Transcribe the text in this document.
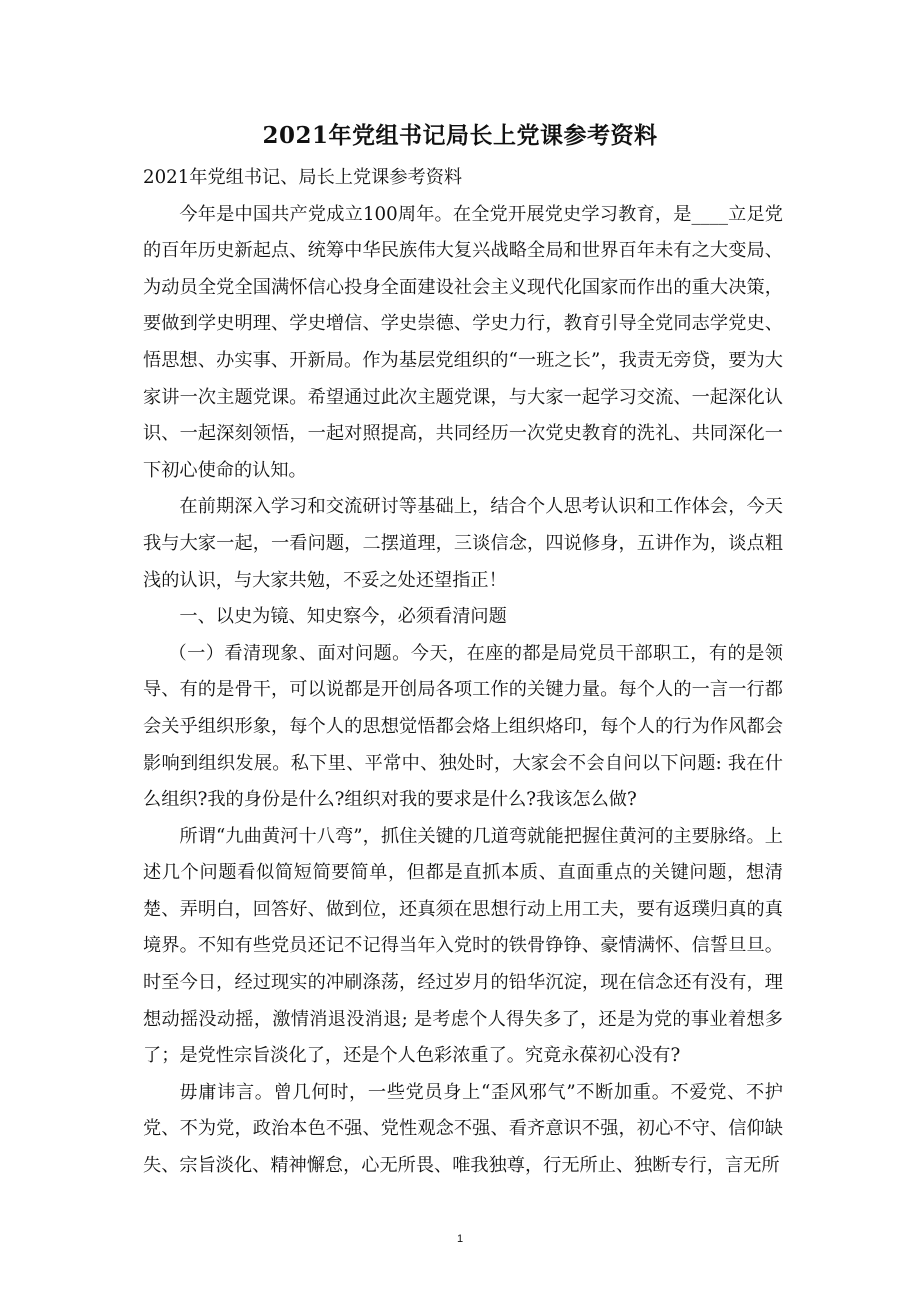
2021年党组书记局长上党课参考资料

2021年党组书记、局长上党课参考资料

今年是中国共产党成立100周年。在全党开展党史学习教育，是____立足党的百年历史新起点、统筹中华民族伟大复兴战略全局和世界百年未有之大变局、为动员全党全国满怀信心投身全面建设社会主义现代化国家而作出的重大决策，要做到学史明理、学史增信、学史崇德、学史力行，教育引导全党同志学党史、悟思想、办实事、开新局。作为基层党组织的“一班之长”，我责无旁贷，要为大家讲一次主题党课。希望通过此次主题党课，与大家一起学习交流、一起深化认识、一起深刻领悟，一起对照提高，共同经历一次党史教育的洗礼、共同深化一下初心使命的认知。

在前期深入学习和交流研讨等基础上，结合个人思考认识和工作体会，今天我与大家一起，一看问题，二摆道理，三谈信念，四说修身，五讲作为，谈点粗浅的认识，与大家共勉，不妥之处还望指正！

一、以史为镜、知史察今，必须看清问题

（一）看清现象、面对问题。今天，在座的都是局党员干部职工，有的是领导、有的是骨干，可以说都是开创局各项工作的关键力量。每个人的一言一行都会关乎组织形象，每个人的思想觉悟都会烙上组织烙印，每个人的行为作风都会影响到组织发展。私下里、平常中、独处时，大家会不会自问以下问题: 我在什么组织?我的身份是什么?组织对我的要求是什么?我该怎么做?

所谓“九曲黄河十八弯”，抓住关键的几道弯就能把握住黄河的主要脉络。上述几个问题看似简短简要简单，但都是直抓本质、直面重点的关键问题，想清楚、弄明白，回答好、做到位，还真须在思想行动上用工夫，要有返璞归真的真境界。不知有些党员还记不记得当年入党时的铁骨铮铮、豪情满怀、信誓旦旦。时至今日，经过现实的冲刷涤荡，经过岁月的铅华沉淀，现在信念还有没有，理想动摇没动摇，激情消退没消退; 是考虑个人得失多了，还是为党的事业着想多了；是党性宗旨淡化了，还是个人色彩浓重了。究竟永葆初心没有?

毋庸讳言。曾几何时，一些党员身上“歪风邪气”不断加重。不爱党、不护党、不为党，政治本色不强、党性观念不强、看齐意识不强，初心不守、信仰缺失、宗旨淡化、精神懈怠，心无所畏、唯我独尊，行无所止、独断专行，言无所

1
